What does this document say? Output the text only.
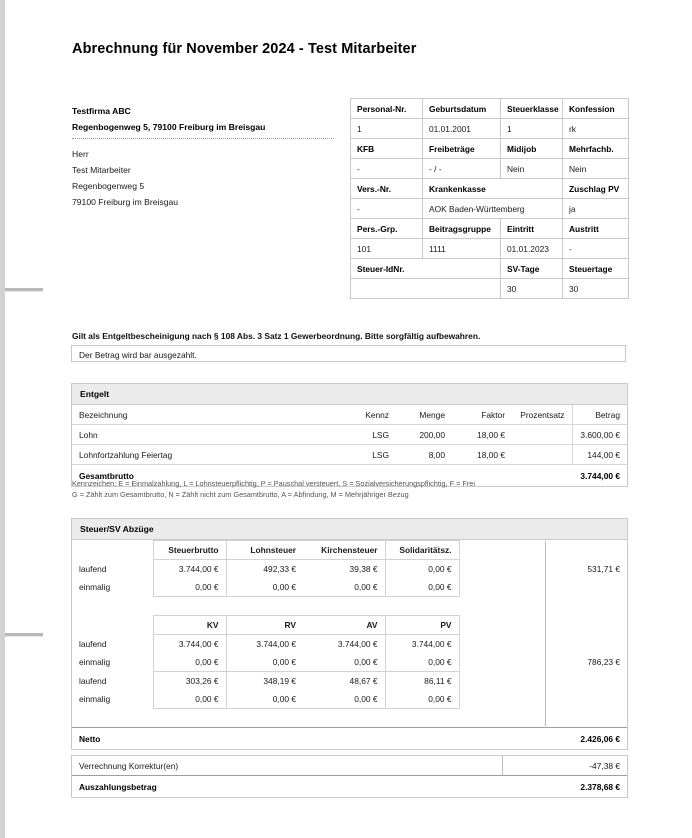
Abrechnung für November 2024 - Test Mitarbeiter
Testfirma ABC
Regenbogenweg 5, 79100 Freiburg im Breisgau
Herr
Test Mitarbeiter
Regenbogenweg 5
79100 Freiburg im Breisgau
Personal-Nr.	Geburtsdatum	Steuerklasse	Konfession
1	01.01.2001	1	rk
KFB	Freibeträge	Midijob	Mehrfachb.
-	- / -	Nein	Nein
Vers.-Nr.	Krankenkasse		Zuschlag PV
-	AOK Baden-Württemberg		ja
Pers.-Grp.	Beitragsgruppe	Eintritt	Austritt
101	1111	01.01.2023	-
Steuer-IdNr.		SV-Tage	Steuertage
		30	30
Gilt als Entgeltbescheinigung nach § 108 Abs. 3 Satz 1 Gewerbeordnung. Bitte sorgfältig aufbewahren.
Der Betrag wird bar ausgezahlt.
Entgelt
Bezeichnung	Kennz	Menge	Faktor	Prozentsatz	Betrag
Lohn	LSG	200,00	18,00 €		3.600,00 €
Lohnfortzahlung Feiertag	LSG	8,00	18,00 €		144,00 €
Gesamtbrutto					3.744,00 €
Kennzeichen: E = Einmalzahlung, L = Lohnsteuerpflichtig, P = Pauschal versteuert, S = Sozialversicherungspflichtig, F = Frei
G = Zählt zum Gesamtbrutto, N = Zählt nicht zum Gesamtbrutto, A = Abfindung, M = Mehrjähriger Bezug
Steuer/SV Abzüge
	Steuerbrutto	Lohnsteuer	Kirchensteuer	Solidaritätsz.		531,71 €
laufend	3.744,00 €	492,33 €	39,38 €	0,00 €		
einmalig	0,00 €	0,00 €	0,00 €	0,00 €		

	KV	RV	AV	PV		786,23 €
laufend	3.744,00 €	3.744,00 €	3.744,00 €	3.744,00 €		
einmalig	0,00 €	0,00 €	0,00 €	0,00 €		
laufend	303,26 €	348,19 €	48,67 €	86,11 €		
einmalig	0,00 €	0,00 €	0,00 €	0,00 €		

Netto						2.426,06 €
Verrechnung Korrektur(en)	-47,38 €
Auszahlungsbetrag	2.378,68 €
